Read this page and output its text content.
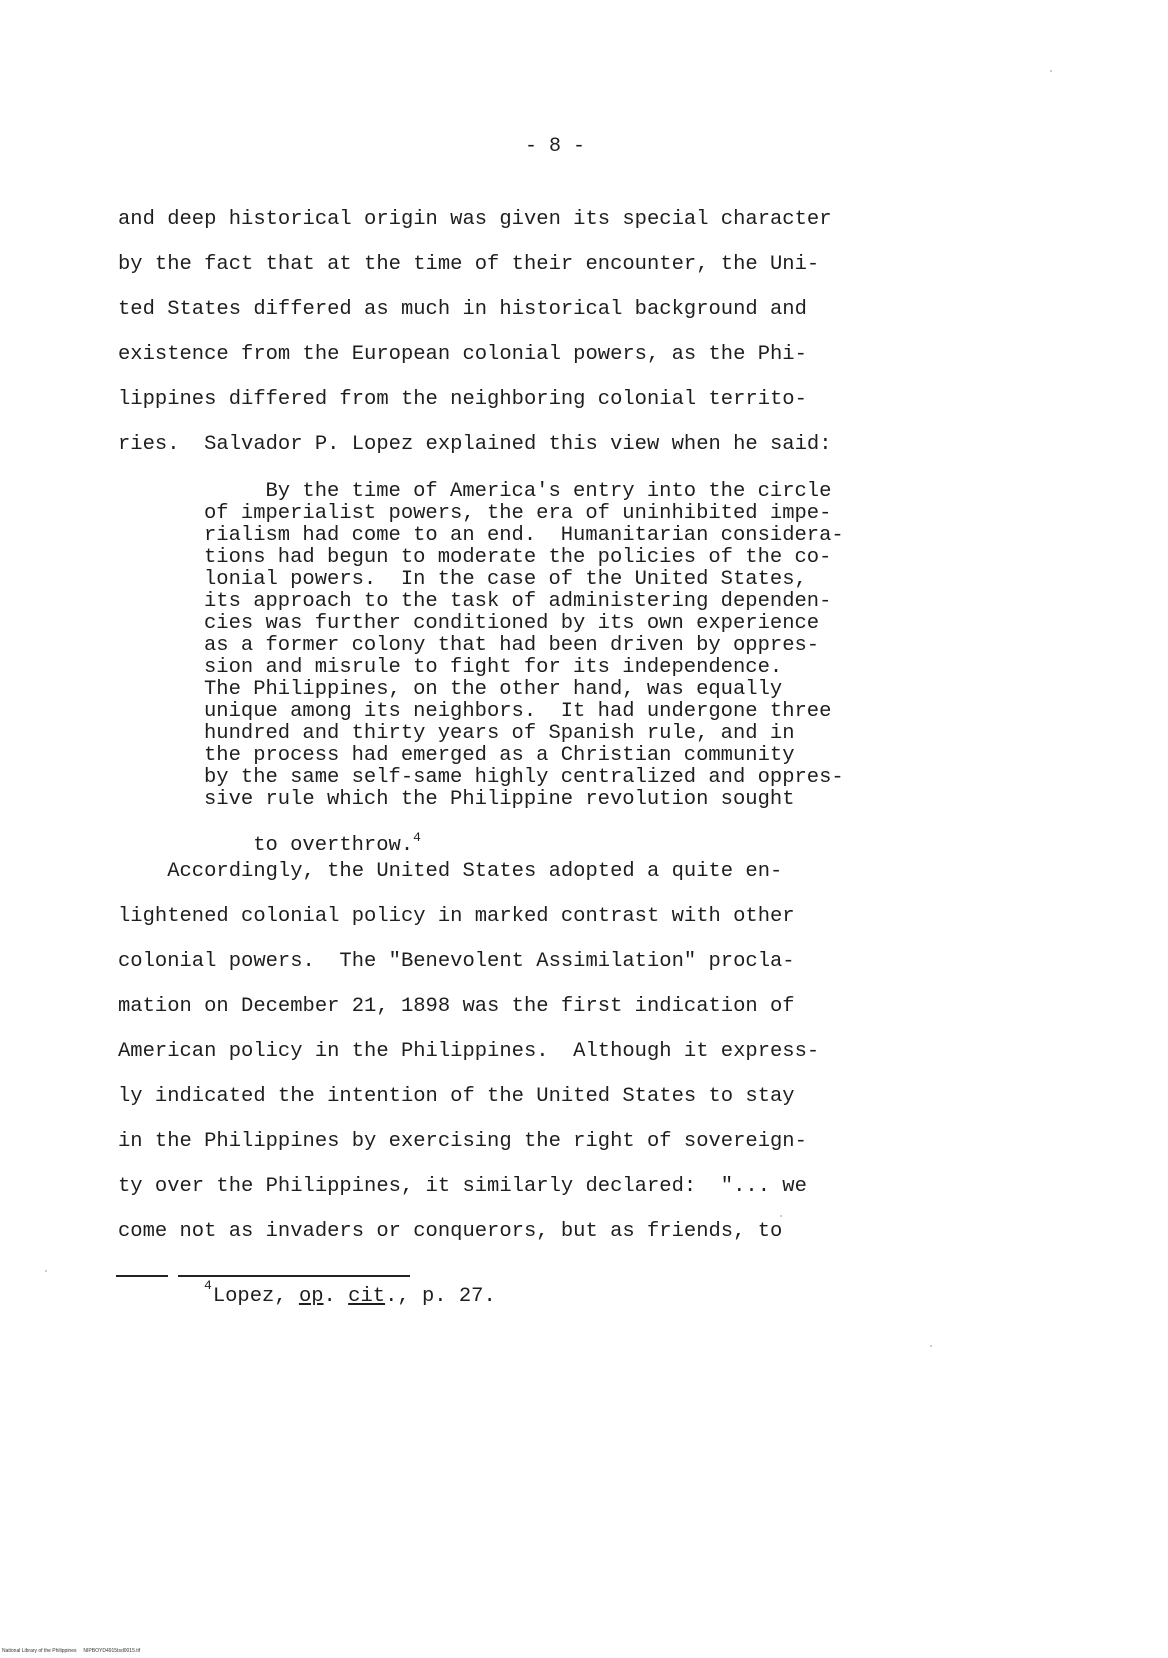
- 8 -
and deep historical origin was given its special character
by the fact that at the time of their encounter, the Uni-
ted States differed as much in historical background and
existence from the European colonial powers, as the Phi-
lippines differed from the neighboring colonial territo-
ries.  Salvador P. Lopez explained this view when he said:
By the time of America's entry into the circle
of imperialist powers, the era of uninhibited impe-
rialism had come to an end.  Humanitarian considera-
tions had begun to moderate the policies of the co-
lonial powers.  In the case of the United States,
its approach to the task of administering dependen-
cies was further conditioned by its own experience
as a former colony that had been driven by oppres-
sion and misrule to fight for its independence.
The Philippines, on the other hand, was equally
unique among its neighbors.  It had undergone three
hundred and thirty years of Spanish rule, and in
the process had emerged as a Christian community
by the same self-same highly centralized and oppres-
sive rule which the Philippine revolution sought

to overthrow.$^4$

Accordingly, the United States adopted a quite en-
lightened colonial policy in marked contrast with other
colonial powers.  The "Benevolent Assimilation" procla-
mation on December 21, 1898 was the first indication of
American policy in the Philippines.  Although it express-
ly indicated the intention of the United States to stay
in the Philippines by exercising the right of sovereign-
ty over the Philippines, it similarly declared:  "... we
come not as invaders or conquerors, but as friends, to
$^4$Lopez, op. cit., p. 27.
National Library of the Philippines     NIPBOYD4915tsd0015.tif
